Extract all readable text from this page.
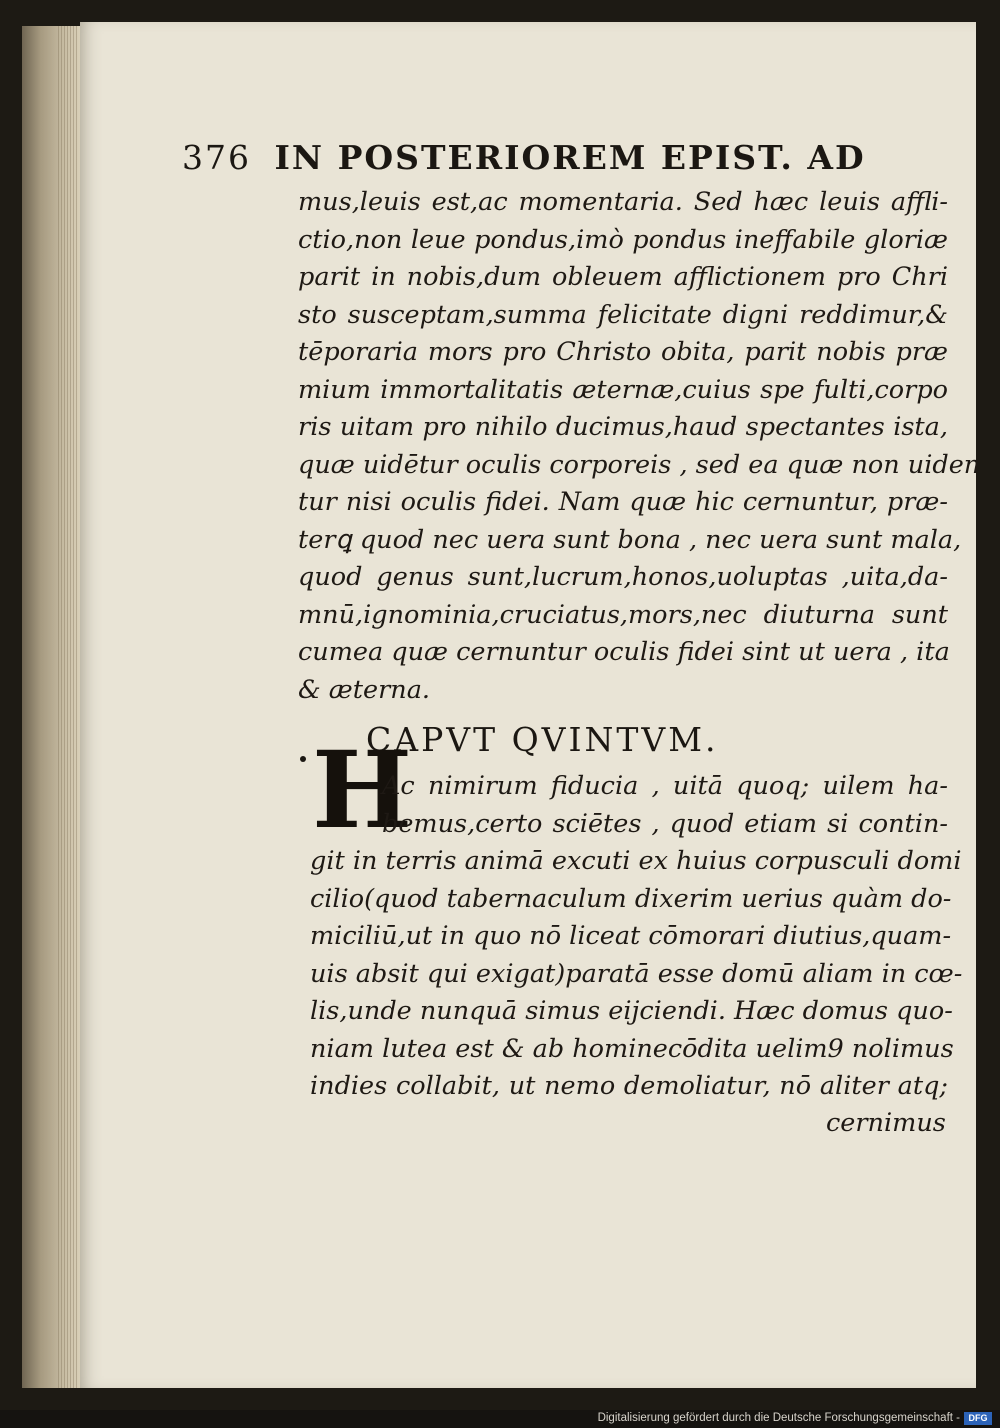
376 IN POSTERIOREM EPIST. AD
mus,leuis est,ac momentaria. Sed hæc leuis affli-
ctio,non leue pondus,imò pondus ineffabile gloriæ
parit in nobis,dum obleuem afflictionem pro Chri
sto susceptam,summa felicitate digni reddimur,&
tēporaria mors pro Christo obita, parit nobis præ
mium immortalitatis æternæ,cuius spe fulti,corpo
ris uitam pro nihilo ducimus,haud spectantes ista,
quæ uidētur oculis corporeis , sed ea quæ non uiden
tur nisi oculis fidei. Nam quæ hic cernuntur, præ-
terꝗ quod nec uera sunt bona , nec uera sunt mala,
quod genus sunt,lucrum,honos,uoluptas ,uita,da-
mnū,ignominia,cruciatus,mors,nec diuturna sunt
cumea quæ cernuntur oculis fidei sint ut uera , ita
& æterna.
CAPVT QVINTVM.
H
Ac nimirum fiducia , uitā quoq; uilem ha-
bemus,certo sciētes , quod etiam si contin-
git in terris animā excuti ex huius corpusculi domi
cilio(quod tabernaculum dixerim uerius quàm do-
miciliū,ut in quo nō liceat cōmorari diutius,quam-
uis absit qui exigat)paratā esse domū aliam in cœ-
lis,unde nunquā simus eijciendi. Hæc domus quo-
niam lutea est & ab hominecōdita uelim9 nolimus
indies collabit, ut nemo demoliatur, nō aliter atq;
cernimus
Digitalisierung gefördert durch die Deutsche Forschungsgemeinschaft - DFG
